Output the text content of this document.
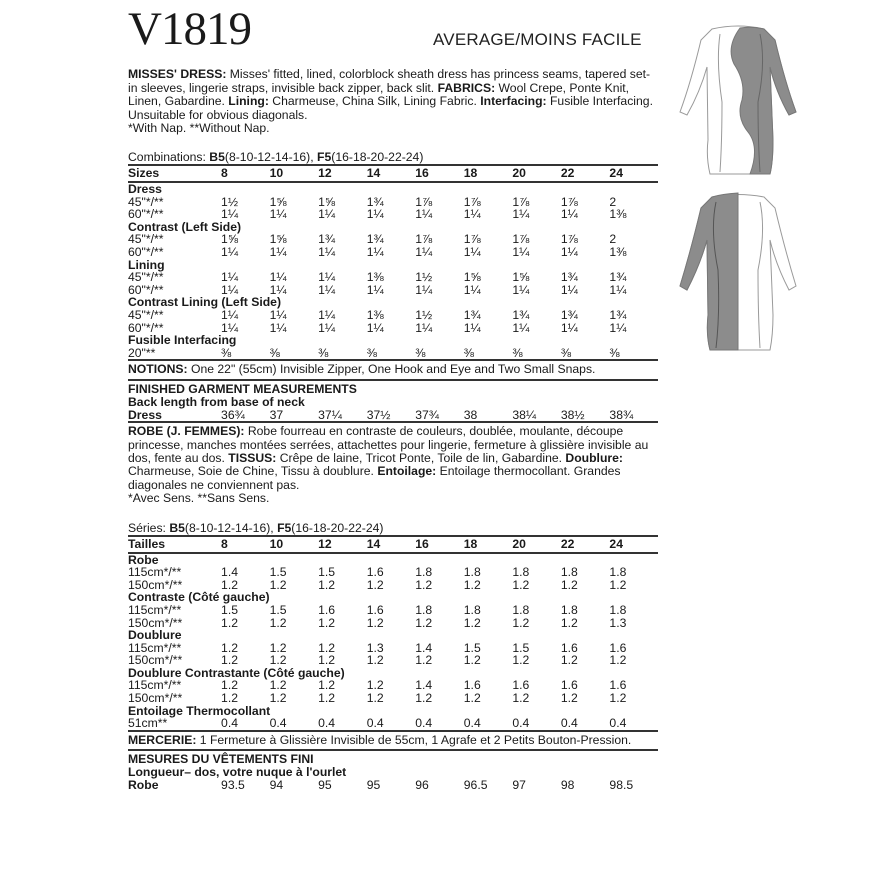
V1819	AVERAGE/MOINS FACILE

MISSES' DRESS: Misses' fitted, lined, colorblock sheath dress has princess seams, tapered set-in sleeves, lingerie straps, invisible back zipper, back slit. FABRICS: Wool Crepe, Ponte Knit, Linen, Gabardine. Lining: Charmeuse, China Silk, Lining Fabric. Interfacing: Fusible Interfacing. Unsuitable for obvious diagonals.

*With Nap. **Without Nap.

Combinations: B5(8-10-12-14-16), F5(16-18-20-22-24)
Sizes	8	10	12	14	16	18	20	22	24
Dress									
45"*/**	1½	1⅝	1⅝	1¾	1⅞	1⅞	1⅞	1⅞	2
60"*/**	1¼	1¼	1¼	1¼	1¼	1¼	1¼	1¼	1⅜
Contrast (Left Side)									
45"*/**	1⅝	1⅝	1¾	1¾	1⅞	1⅞	1⅞	1⅞	2
60"*/**	1¼	1¼	1¼	1¼	1¼	1¼	1¼	1¼	1⅜
Lining									
45"*/**	1¼	1¼	1¼	1⅜	1½	1⅝	1⅝	1¾	1¾
60"*/**	1¼	1¼	1¼	1¼	1¼	1¼	1¼	1¼	1¼
Contrast Lining (Left Side)									
45"*/**	1¼	1¼	1¼	1⅜	1½	1¾	1¾	1¾	1¾
60"*/**	1¼	1¼	1¼	1¼	1¼	1¼	1¼	1¼	1¼
Fusible Interfacing									
20"**	⅜	⅜	⅜	⅜	⅜	⅜	⅜	⅜	⅜
NOTIONS: One 22" (55cm) Invisible Zipper, One Hook and Eye and Two Small Snaps.
FINISHED GARMENT MEASUREMENTS
Back length from base of neck
Dress	36¾	37	37¼	37½	37¾	38	38¼	38½	38¾

ROBE (J. FEMMES): Robe fourreau en contraste de couleurs, doublée, moulante, découpe princesse, manches montées serrées, attachettes pour lingerie, fermeture à glissière invisible au dos, fente au dos. TISSUS: Crêpe de laine, Tricot Ponte, Toile de lin, Gabardine. Doublure: Charmeuse, Soie de Chine, Tissu à doublure. Entoilage: Entoilage thermocollant. Grandes diagonales ne conviennent pas.

*Avec Sens. **Sans Sens.

Séries: B5(8-10-12-14-16), F5(16-18-20-22-24)
Tailles	8	10	12	14	16	18	20	22	24
Robe									
115cm*/**	1.4	1.5	1.5	1.6	1.8	1.8	1.8	1.8	1.8
150cm*/**	1.2	1.2	1.2	1.2	1.2	1.2	1.2	1.2	1.2
Contraste (Côté gauche)									
115cm*/**	1.5	1.5	1.6	1.6	1.8	1.8	1.8	1.8	1.8
150cm*/**	1.2	1.2	1.2	1.2	1.2	1.2	1.2	1.2	1.3
Doublure									
115cm*/**	1.2	1.2	1.2	1.3	1.4	1.5	1.5	1.6	1.6
150cm*/**	1.2	1.2	1.2	1.2	1.2	1.2	1.2	1.2	1.2
Doublure Contrastante (Côté gauche)									
115cm*/**	1.2	1.2	1.2	1.2	1.4	1.6	1.6	1.6	1.6
150cm*/**	1.2	1.2	1.2	1.2	1.2	1.2	1.2	1.2	1.2
Entoilage Thermocollant									
51cm**	0.4	0.4	0.4	0.4	0.4	0.4	0.4	0.4	0.4
MERCERIE: 1 Fermeture à Glissière Invisible de 55cm, 1 Agrafe et 2 Petits Bouton-Pression.
MESURES DU VÊTEMENTS FINI
Longueur– dos, votre nuque à l'ourlet
Robe	93.5	94	95	95	96	96.5	97	98	98.5
